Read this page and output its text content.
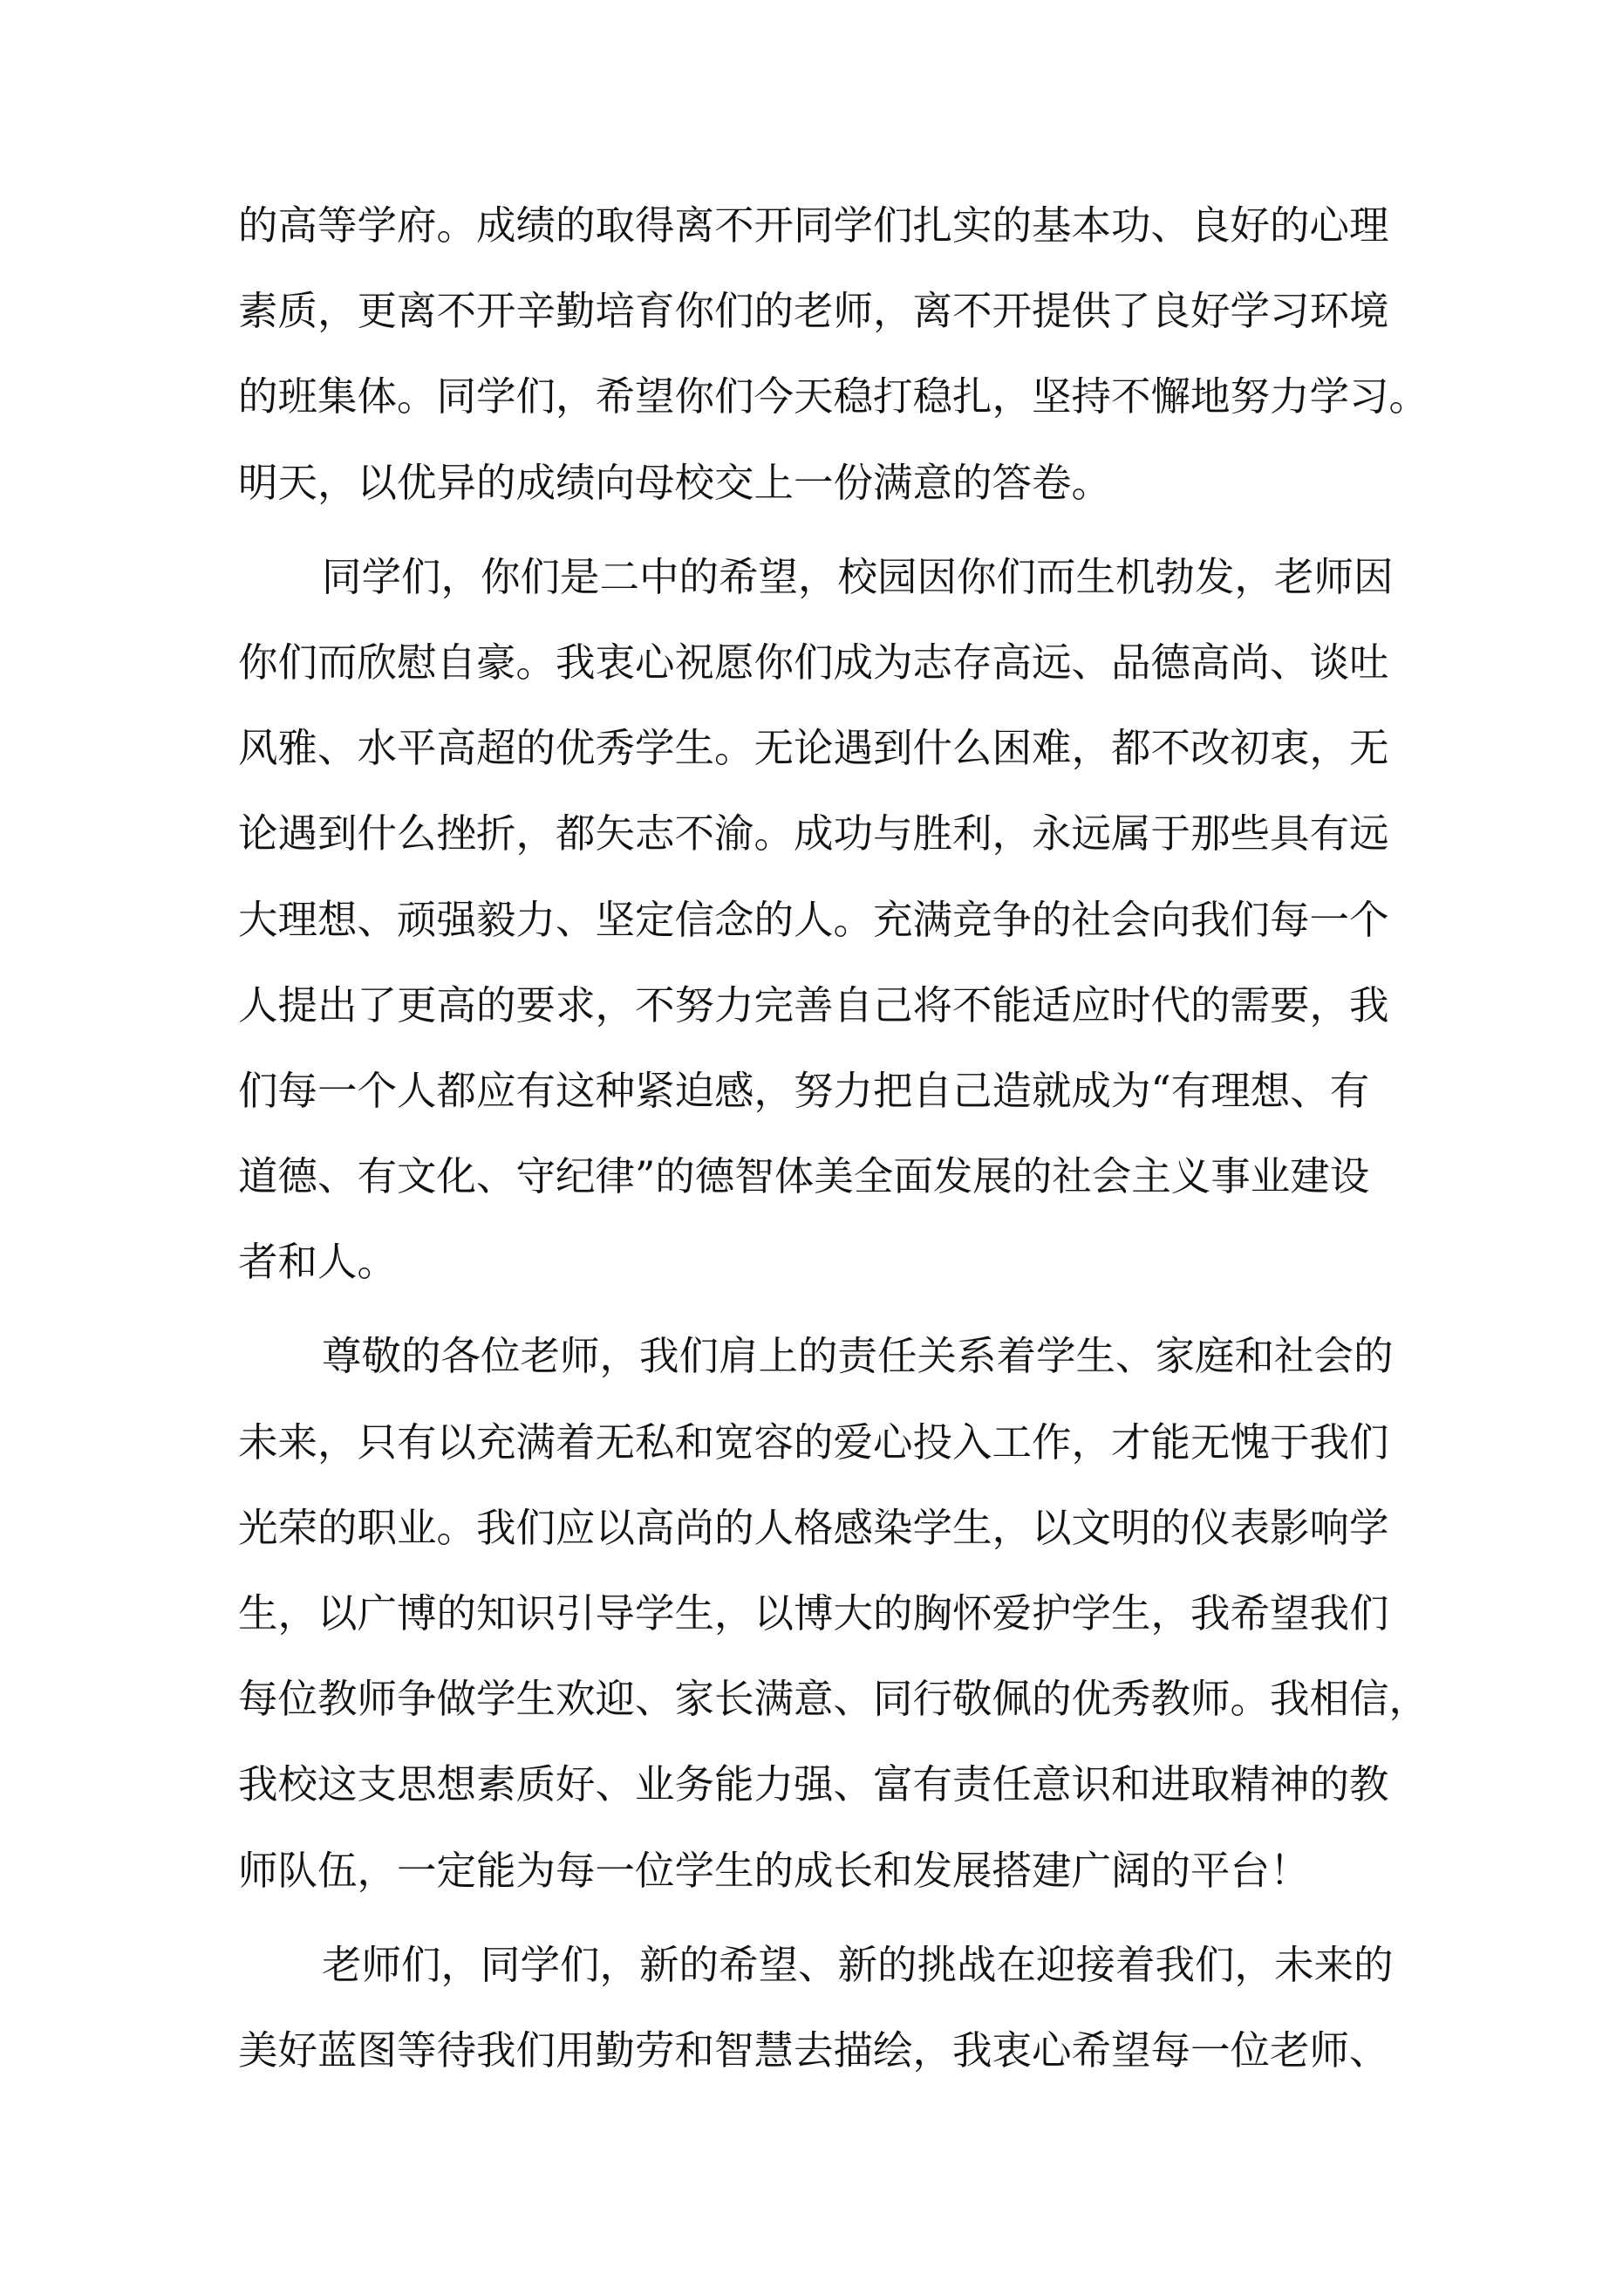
的高等学府。成绩的取得离不开同学们扎实的基本功、良好的心理
素质，更离不开辛勤培育你们的老师，离不开提供了良好学习环境
的班集体。同学们，希望你们今天稳打稳扎，坚持不懈地努力学习。
明天，以优异的成绩向母校交上一份满意的答卷。
同学们，你们是二中的希望，校园因你们而生机勃发，老师因
你们而欣慰自豪。我衷心祝愿你们成为志存高远、品德高尚、谈吐
风雅、水平高超的优秀学生。无论遇到什么困难，都不改初衷，无
论遇到什么挫折，都矢志不渝。成功与胜利，永远属于那些具有远
大理想、顽强毅力、坚定信念的人。充满竞争的社会向我们每一个
人提出了更高的要求，不努力完善自己将不能适应时代的需要，我
们每一个人都应有这种紧迫感，努力把自己造就成为“有理想、有
道德、有文化、守纪律”的德智体美全面发展的社会主义事业建设
者和人。
尊敬的各位老师，我们肩上的责任关系着学生、家庭和社会的
未来，只有以充满着无私和宽容的爱心投入工作，才能无愧于我们
光荣的职业。我们应以高尚的人格感染学生，以文明的仪表影响学
生，以广博的知识引导学生，以博大的胸怀爱护学生，我希望我们
每位教师争做学生欢迎、家长满意、同行敬佩的优秀教师。我相信，
我校这支思想素质好、业务能力强、富有责任意识和进取精神的教
师队伍，一定能为每一位学生的成长和发展搭建广阔的平台！
老师们，同学们，新的希望、新的挑战在迎接着我们，未来的
美好蓝图等待我们用勤劳和智慧去描绘，我衷心希望每一位老师、
